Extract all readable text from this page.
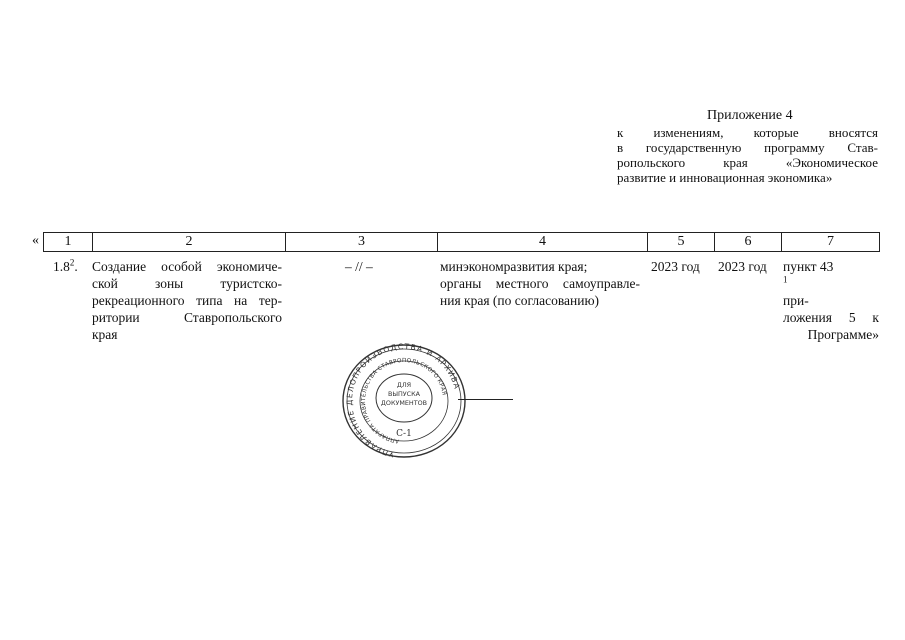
Приложение 4
к изменениям, которые вносятся
в государственную программу Став-
ропольского края «Экономическое
развитие и инновационная экономика»
« 1	2	3	4	5	6	7
$1.8^2$.	Создание особой экономиче-
ской зоны туристско-
рекреационного типа на тер-
ритории Ставропольского
края
– // –	минэкономразвития края;
органы местного самоуправле-
ния края (по согласованию)
2023 год	2023 год	пункт 43
$^1$
при-
ложения 5 к
Программе»
УПРАВЛЕНИЕ ДЕЛОПРОИЗВОДСТВА И АРХИВА
АППАРАТА ПРАВИТЕЛЬСТВА СТАВРОПОЛЬСКОГО КРАЯ
ДЛЯ
ВЫПУСКА
ДОКУМЕНТОВ
С-1
